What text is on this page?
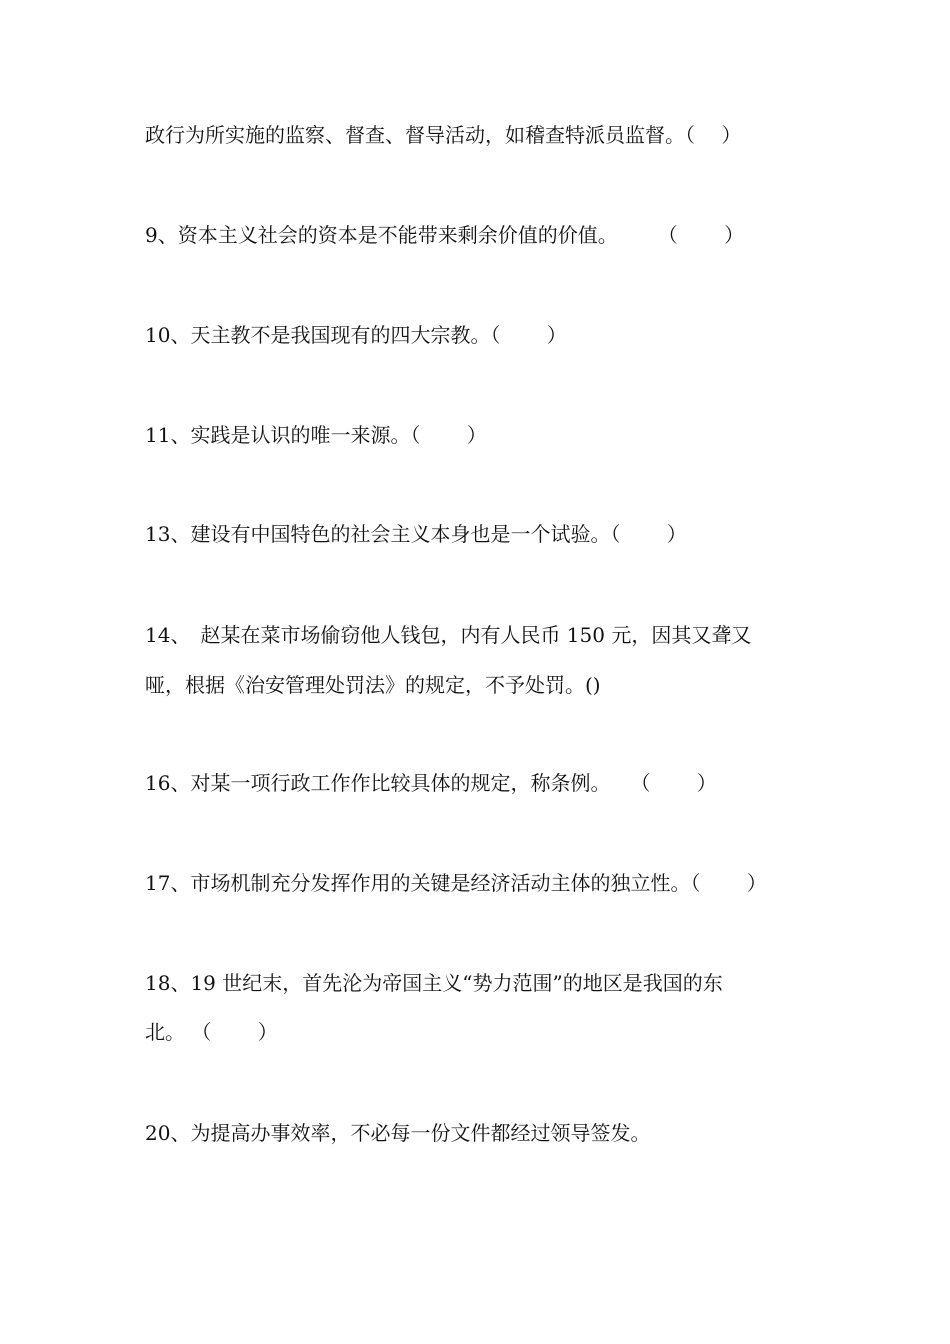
政行为所实施的监察、督查、督导活动，如稽查特派员监督。（　 ）
9、资本主义社会的资本是不能带来剩余价值的价值。　　　（　　 ）
10、天主教不是我国现有的四大宗教。（　　 ）
11、实践是认识的唯一来源。（　　 ）
13、建设有中国特色的社会主义本身也是一个试验。（　　 ）
14、　赵某在菜市场偷窃他人钱包，内有人民币 150 元，因其又聋又
哑，根据《治安管理处罚法》的规定，不予处罚。()
16、对某一项行政工作作比较具体的规定，称条例。　　（　　 ）
17、市场机制充分发挥作用的关键是经济活动主体的独立性。（　　 ）
18、19 世纪末，首先沦为帝国主义“势力范围”的地区是我国的东
北。 （　　 ）
20、为提高办事效率，不必每一份文件都经过领导签发。
